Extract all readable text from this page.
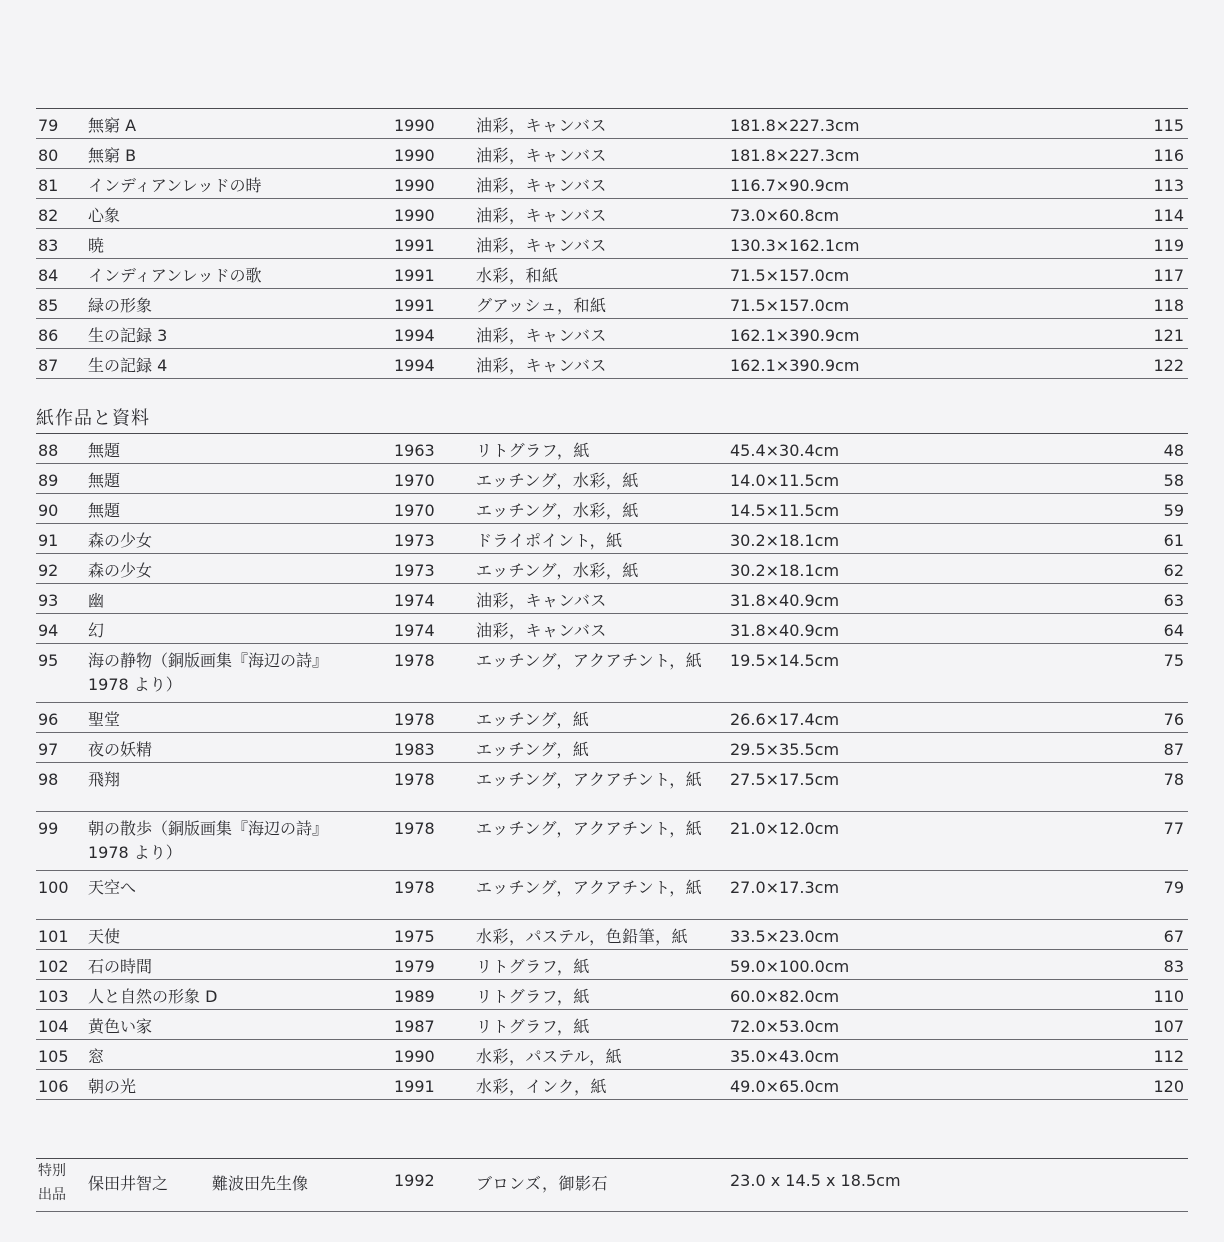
79 無窮 A	1990	油彩，キャンバス	181.8×227.3cm	115
80 無窮 B	1990	油彩，キャンバス	181.8×227.3cm	116
81 インディアンレッドの時	1990	油彩，キャンバス	116.7×90.9cm	113
82 心象	1990	油彩，キャンバス	73.0×60.8cm	114
83 暁	1991	油彩，キャンバス	130.3×162.1cm	119
84 インディアンレッドの歌	1991	水彩，和紙	71.5×157.0cm	117
85 緑の形象	1991	グアッシュ，和紙	71.5×157.0cm	118
86 生の記録 3	1994	油彩，キャンバス	162.1×390.9cm	121
87 生の記録 4	1994	油彩，キャンバス	162.1×390.9cm	122
紙作品と資料
88 無題	1963	リトグラフ，紙	45.4×30.4cm	48
89 無題	1970	エッチング，水彩，紙	14.0×11.5cm	58
90 無題	1970	エッチング，水彩，紙	14.5×11.5cm	59
91 森の少女	1973	ドライポイント，紙	30.2×18.1cm	61
92 森の少女	1973	エッチング，水彩，紙	30.2×18.1cm	62
93 幽	1974	油彩，キャンバス	31.8×40.9cm	63
94 幻	1974	油彩，キャンバス	31.8×40.9cm	64
95 海の静物（銅版画集『海辺の詩』	1978	エッチング，アクアチント，紙 19.5×14.5cm	75
1978 より）
96 聖堂	1978	エッチング，紙	26.6×17.4cm	76
97 夜の妖精	1983	エッチング，紙	29.5×35.5cm	87
98 飛翔	1978	エッチング，アクアチント，紙 27.5×17.5cm	78
99 朝の散歩（銅版画集『海辺の詩』	1978	エッチング，アクアチント，紙 21.0×12.0cm	77
1978 より）
100 天空へ	1978	エッチング，アクアチント，紙 27.0×17.3cm	79
101 天使	1975	水彩，パステル，色鉛筆，紙	33.5×23.0cm	67
102 石の時間	1979	リトグラフ，紙	59.0×100.0cm	83
103 人と自然の形象 D	1989	リトグラフ，紙	60.0×82.0cm	110
104 黄色い家	1987	リトグラフ，紙	72.0×53.0cm	107
105 窓	1990	水彩，パステル，紙	35.0×43.0cm	112
106 朝の光	1991	水彩，インク，紙	49.0×65.0cm	120
特別
出品
保田井智之	難波田先生像	1992	ブロンズ，御影石	23.0 x 14.5 x 18.5cm
